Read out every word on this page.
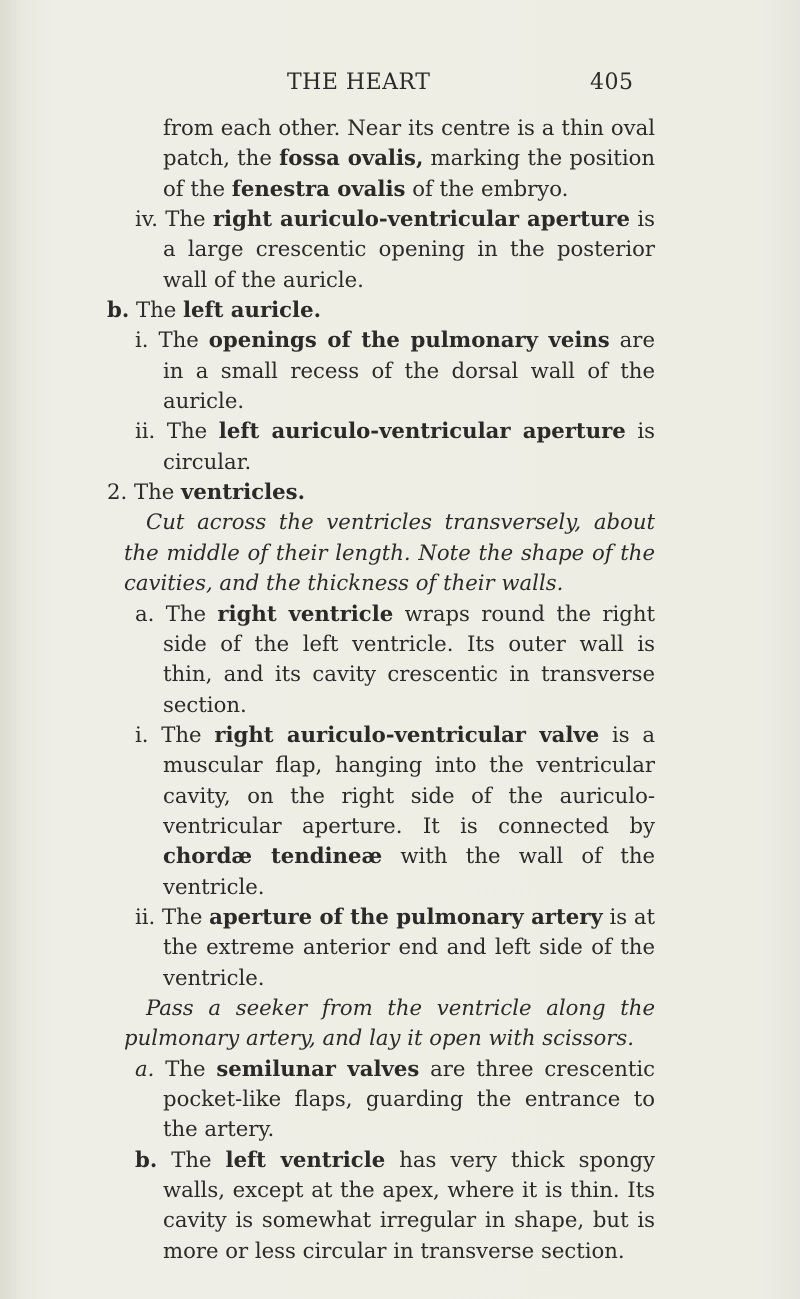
THE HEART	405

from each other. Near its centre is a thin oval patch, the fossa ovalis, marking the position of the fenestra ovalis of the embryo.

iv. The right auriculo-ventricular aperture is a large crescentic opening in the posterior wall of the auricle.

b. The left auricle.

i. The openings of the pulmonary veins are in a small recess of the dorsal wall of the auricle.

ii. The left auriculo-ventricular aperture is circular.

2. The ventricles.

Cut across the ventricles transversely, about the middle of their length. Note the shape of the cavities, and the thickness of their walls.

a. The right ventricle wraps round the right side of the left ventricle. Its outer wall is thin, and its cavity crescentic in transverse section.

i. The right auriculo-ventricular valve is a muscular flap, hanging into the ventricular cavity, on the right side of the auriculo-ventricular aperture. It is connected by chordæ tendineæ with the wall of the ventricle.

ii. The aperture of the pulmonary artery is at the extreme anterior end and left side of the ventricle.

Pass a seeker from the ventricle along the pulmonary artery, and lay it open with scissors.

a. The semilunar valves are three crescentic pocket-like flaps, guarding the entrance to the artery.

b. The left ventricle has very thick spongy walls, except at the apex, where it is thin. Its cavity is somewhat irregular in shape, but is more or less circular in transverse section.
